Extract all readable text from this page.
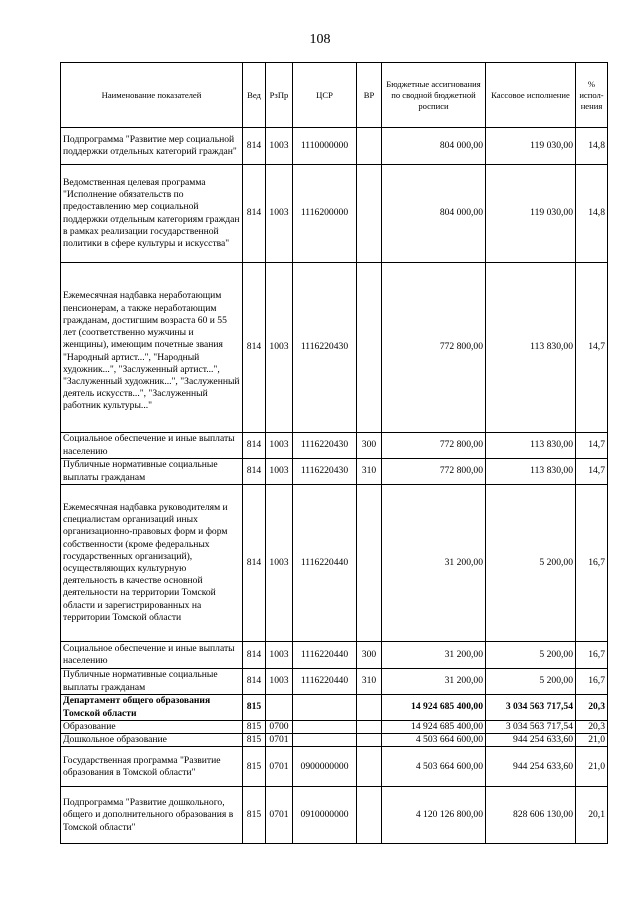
108
Наименование показателей	Вед	РзПр	ЦСР	ВР	Бюджетные ассигнования по сводной бюджетной росписи	Кассовое исполнение	% испол- нения
Подпрограмма "Развитие мер социальной поддержки отдельных категорий граждан"	814	1003	1110000000		804 000,00	119 030,00	14,8
Ведомственная целевая программа "Исполнение обязательств по предоставлению мер социальной поддержки отдельным категориям граждан в рамках реализации государственной политики в сфере культуры и искусства"	814	1003	1116200000		804 000,00	119 030,00	14,8
Ежемесячная надбавка неработающим пенсионерам, а также неработающим гражданам, достигшим возраста 60 и 55 лет (соответственно мужчины и женщины), имеющим почетные звания "Народный артист...", "Народный художник...", "Заслуженный артист...", "Заслуженный художник...", "Заслуженный деятель искусств...", "Заслуженный работник культуры..."	814	1003	1116220430		772 800,00	113 830,00	14,7
Социальное обеспечение и иные выплаты населению	814	1003	1116220430	300	772 800,00	113 830,00	14,7
Публичные нормативные социальные выплаты гражданам	814	1003	1116220430	310	772 800,00	113 830,00	14,7
Ежемесячная надбавка руководителям и специалистам организаций иных организационно-правовых форм и форм собственности (кроме федеральных государственных организаций), осуществляющих культурную деятельность в качестве основной деятельности на территории Томской области и зарегистрированных на территории Томской области	814	1003	1116220440		31 200,00	5 200,00	16,7
Социальное обеспечение и иные выплаты населению	814	1003	1116220440	300	31 200,00	5 200,00	16,7
Публичные нормативные социальные выплаты гражданам	814	1003	1116220440	310	31 200,00	5 200,00	16,7
Департамент общего образования Томской области	815				14 924 685 400,00	3 034 563 717,54	20,3
Образование	815	0700			14 924 685 400,00	3 034 563 717,54	20,3
Дошкольное образование	815	0701			4 503 664 600,00	944 254 633,60	21,0
Государственная программа "Развитие образования в Томской области"	815	0701	0900000000		4 503 664 600,00	944 254 633,60	21,0
Подпрограмма "Развитие дошкольного, общего и дополнительного образования в Томской области"	815	0701	0910000000		4 120 126 800,00	828 606 130,00	20,1
